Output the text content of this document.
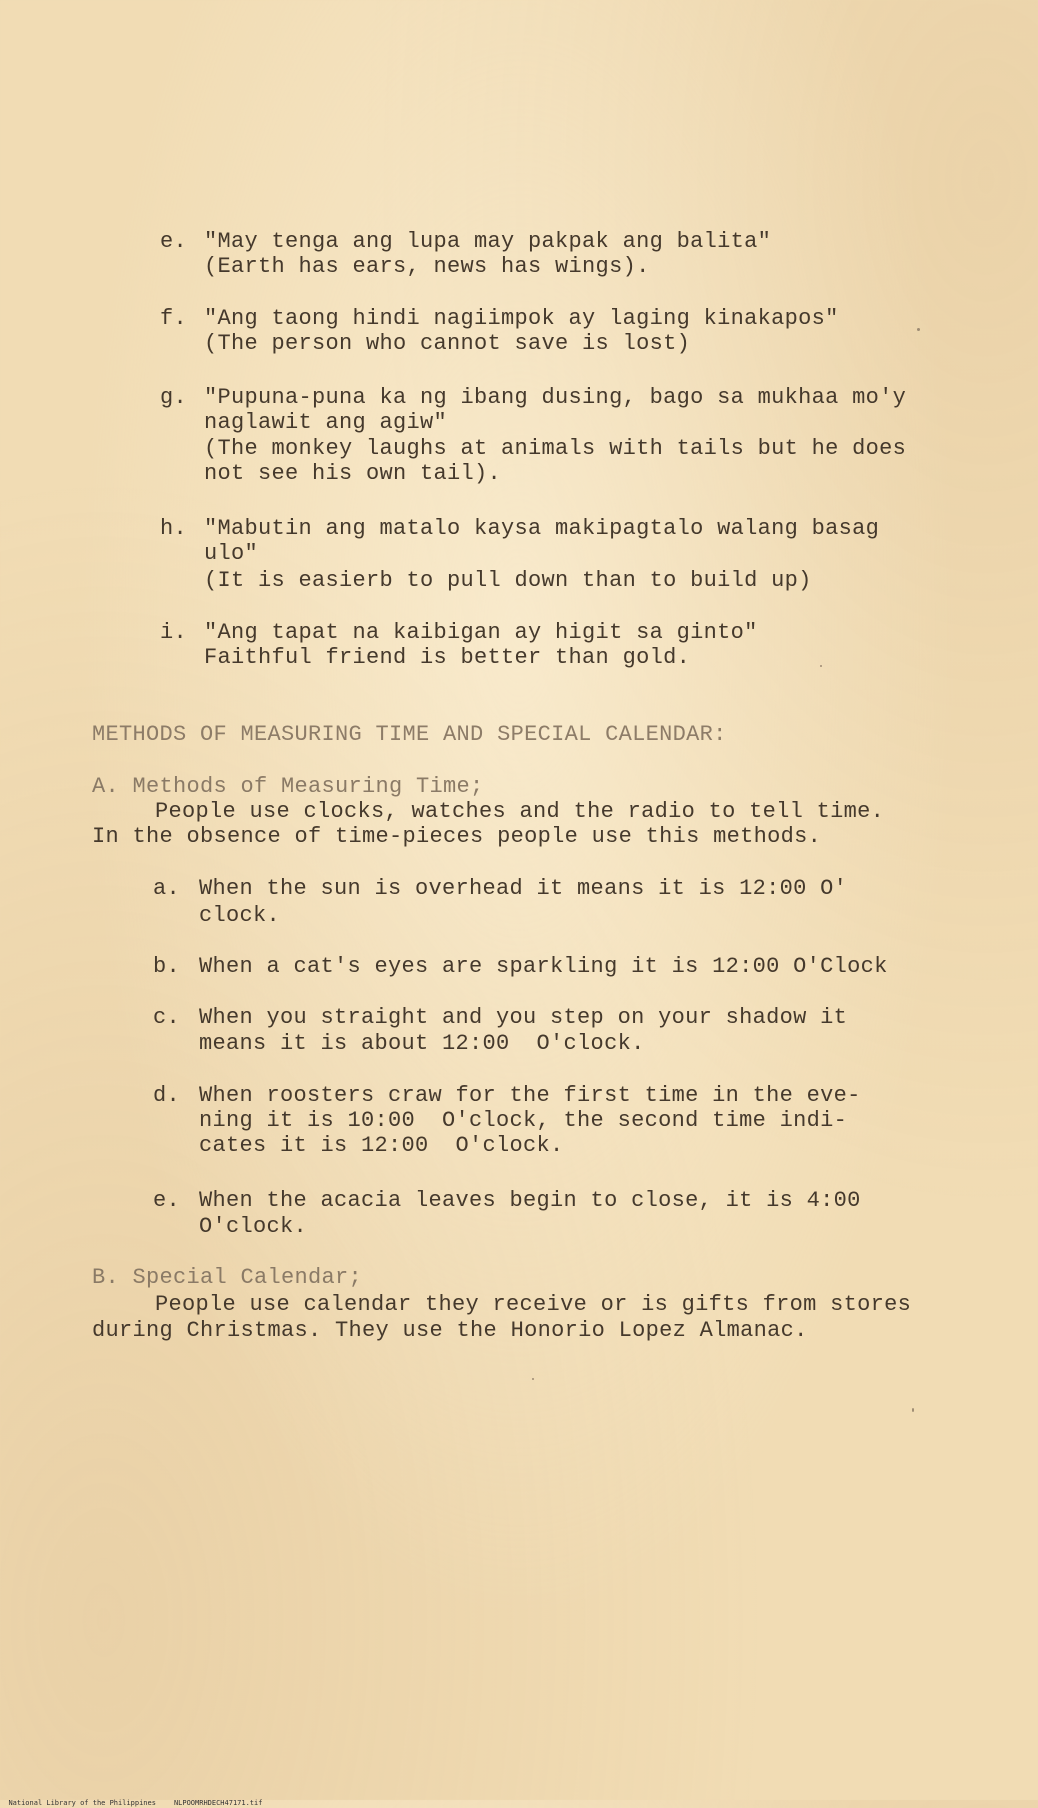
e. "May tenga ang lupa may pakpak ang balita"

(Earth has ears, news has wings).

f. "Ang taong hindi nagiimpok ay laging kinakapos"

(The person who cannot save is lost)

g. "Pupuna-puna ka ng ibang dusing, bago sa mukhaa mo'y

naglawit ang agiw"

(The monkey laughs at animals with tails but he does

not see his own tail).

h. "Mabutin ang matalo kaysa makipagtalo walang basag

ulo"

(It is easierb to pull down than to build up)

i. "Ang tapat na kaibigan ay higit sa ginto"

Faithful friend is better than gold.

METHODS OF MEASURING TIME AND SPECIAL CALENDAR:

A. Methods of Measuring Time;

People use clocks, watches and the radio to tell time.

In the obsence of time-pieces people use this methods.

a. When the sun is overhead it means it is 12:00 O'

clock.

b. When a cat's eyes are sparkling it is 12:00 O'Clock

c. When you straight and you step on your shadow it

means it is about 12:00  O'clock.

d. When roosters craw for the first time in the eve-

ning it is 10:00  O'clock, the second time indi-

cates it is 12:00  O'clock.

e. When the acacia leaves begin to close, it is 4:00

O'clock.

B. Special Calendar;

People use calendar they receive or is gifts from stores

during Christmas. They use the Honorio Lopez Almanac.

National Library of the Philippines	NLPOOMRHDECH47171.tif
